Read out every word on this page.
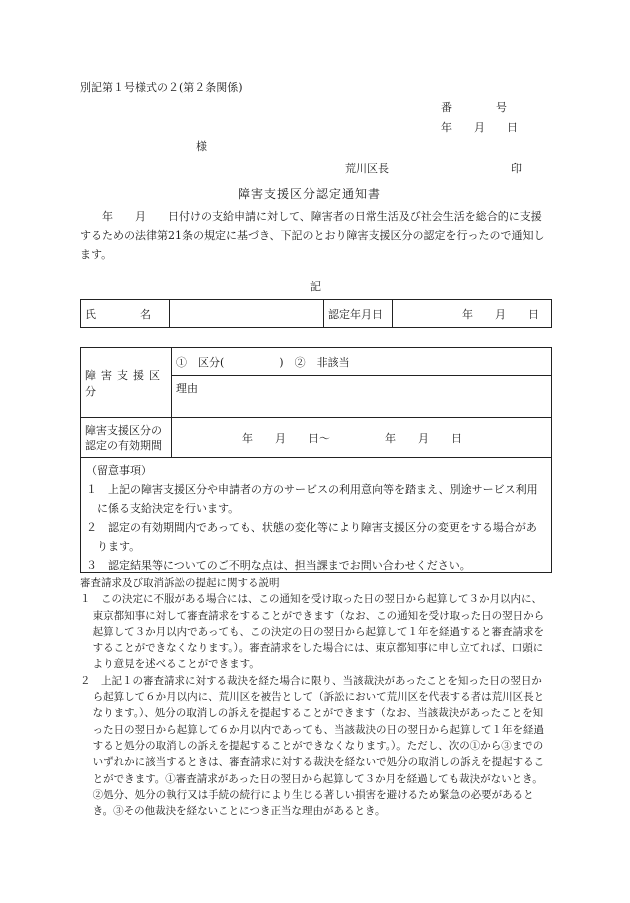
別記第１号様式の２(第２条関係)
番　　　　号
年　　月　　日
様
荒川区長	印
障害支援区分認定通知書
　　年　　月　　日付けの支給申請に対して、障害者の日常生活及び社会生活を総合的に支援するための法律第21条の規定に基づき、下記のとおり障害支援区分の認定を行ったので通知します。
記
氏　　　　名		認定年月日	年　　月　　日
障害支援区分	①　区分(　　　　　)　②　非該当
	理由

障害支援区分の
認定の有効期間	年　　月　　日～　　　　　年　　月　　日
（留意事項）
１　上記の障害支援区分や申請者の方のサービスの利用意向等を踏まえ、別途サービス利用に係る支給決定を行います。
２　認定の有効期間内であっても、状態の変化等により障害支援区分の変更をする場合があります。
３　認定結果等についてのご不明な点は、担当課までお問い合わせください。
審査請求及び取消訴訟の提起に関する説明
１　この決定に不服がある場合には、この通知を受け取った日の翌日から起算して３か月以内に、東京都知事に対して審査請求をすることができます（なお、この通知を受け取った日の翌日から起算して３か月以内であっても、この決定の日の翌日から起算して１年を経過すると審査請求をすることができなくなります。）。審査請求をした場合には、東京都知事に申し立てれば、口頭により意見を述べることができます。
２　上記１の審査請求に対する裁決を経た場合に限り、当該裁決があったことを知った日の翌日から起算して６か月以内に、荒川区を被告として（訴訟において荒川区を代表する者は荒川区長となります。）、処分の取消しの訴えを提起することができます（なお、当該裁決があったことを知った日の翌日から起算して６か月以内であっても、当該裁決の日の翌日から起算して１年を経過すると処分の取消しの訴えを提起することができなくなります。）。ただし、次の①から③までのいずれかに該当するときは、審査請求に対する裁決を経ないで処分の取消しの訴えを提起することができます。①審査請求があった日の翌日から起算して３か月を経過しても裁決がないとき。②処分、処分の執行又は手続の続行により生じる著しい損害を避けるため緊急の必要があるとき。③その他裁決を経ないことにつき正当な理由があるとき。
